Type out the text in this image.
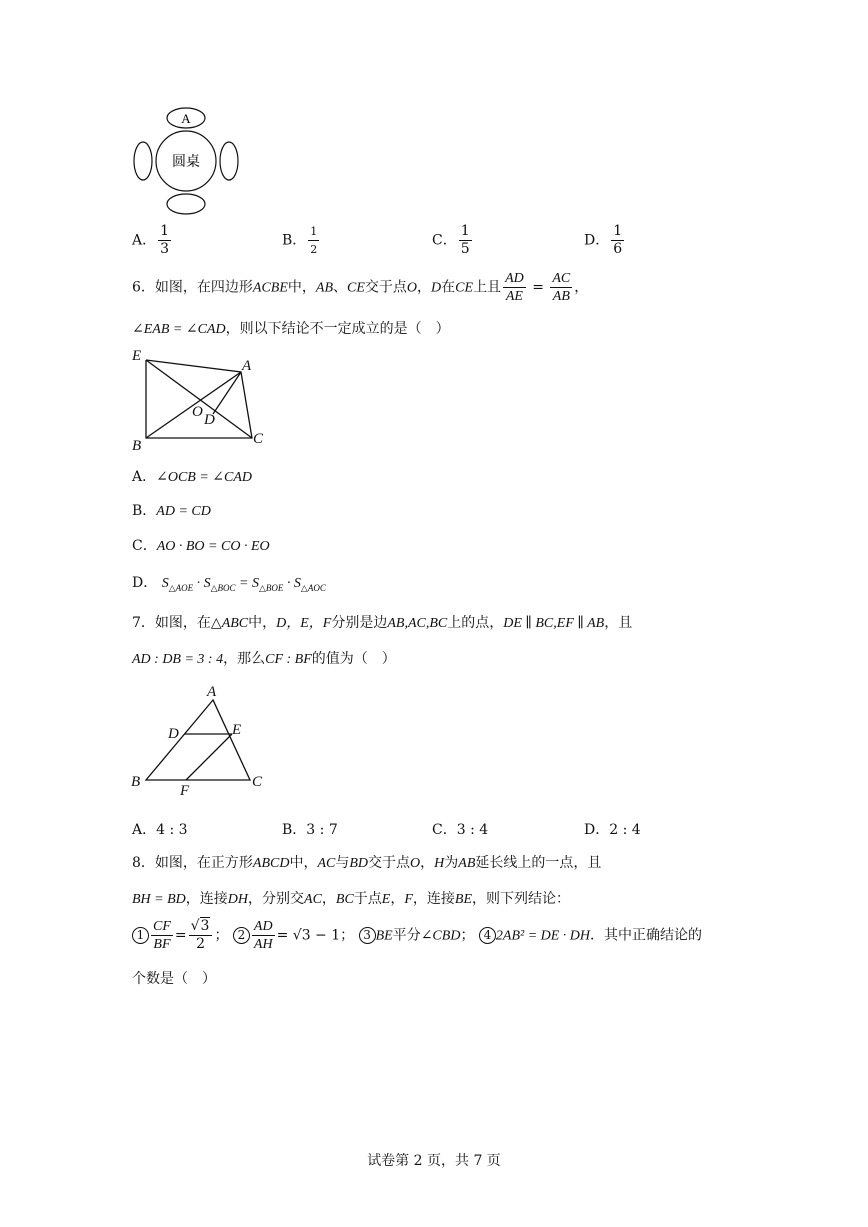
A
圆桌
A． $\frac{1}{3}$	B． $\frac{1}{2}$	C． $\frac{1}{5}$	D． $\frac{1}{6}$
6．如图，在四边形ACBE中，AB、CE交于点O，D在CE上且 $\frac{AD}{AE} = \frac{AC}{AB}$ ，
∠EAB = ∠CAD，则以下结论不一定成立的是（　）
E
A
B	C
O D
A．∠OCB = ∠CAD
B．AD = CD
C．AO · BO = CO · EO
D． $S_{\triangle AOE} \cdot S_{\triangle BOC} = S_{\triangle BOE} \cdot S_{\triangle AOC}$
7．如图，在△ABC中，D，E，F分别是边AB,AC,BC上的点，DE ∥ BC,EF ∥ AB，且
AD : DB = 3 : 4，那么CF : BF的值为（　）
A
D	E
B
F
C
A．4 : 3	B．3 : 7	C．3 : 4	D．2 : 4
8．如图，在正方形ABCD中，AC与BD交于点O，H为AB延长线上的一点，且
BH = BD，连接DH，分别交AC，BC于点E，F，连接BE，则下列结论：
$1 \frac{CF}{BF} = \frac{√3}{2}$ ； $2 \frac{AD}{AH} = √3 - 1$； 3 BE平分∠CBD； 4 2AB² = DE · DH．其中正确结论的
个数是（　）
试卷第 2 页，共 7 页
